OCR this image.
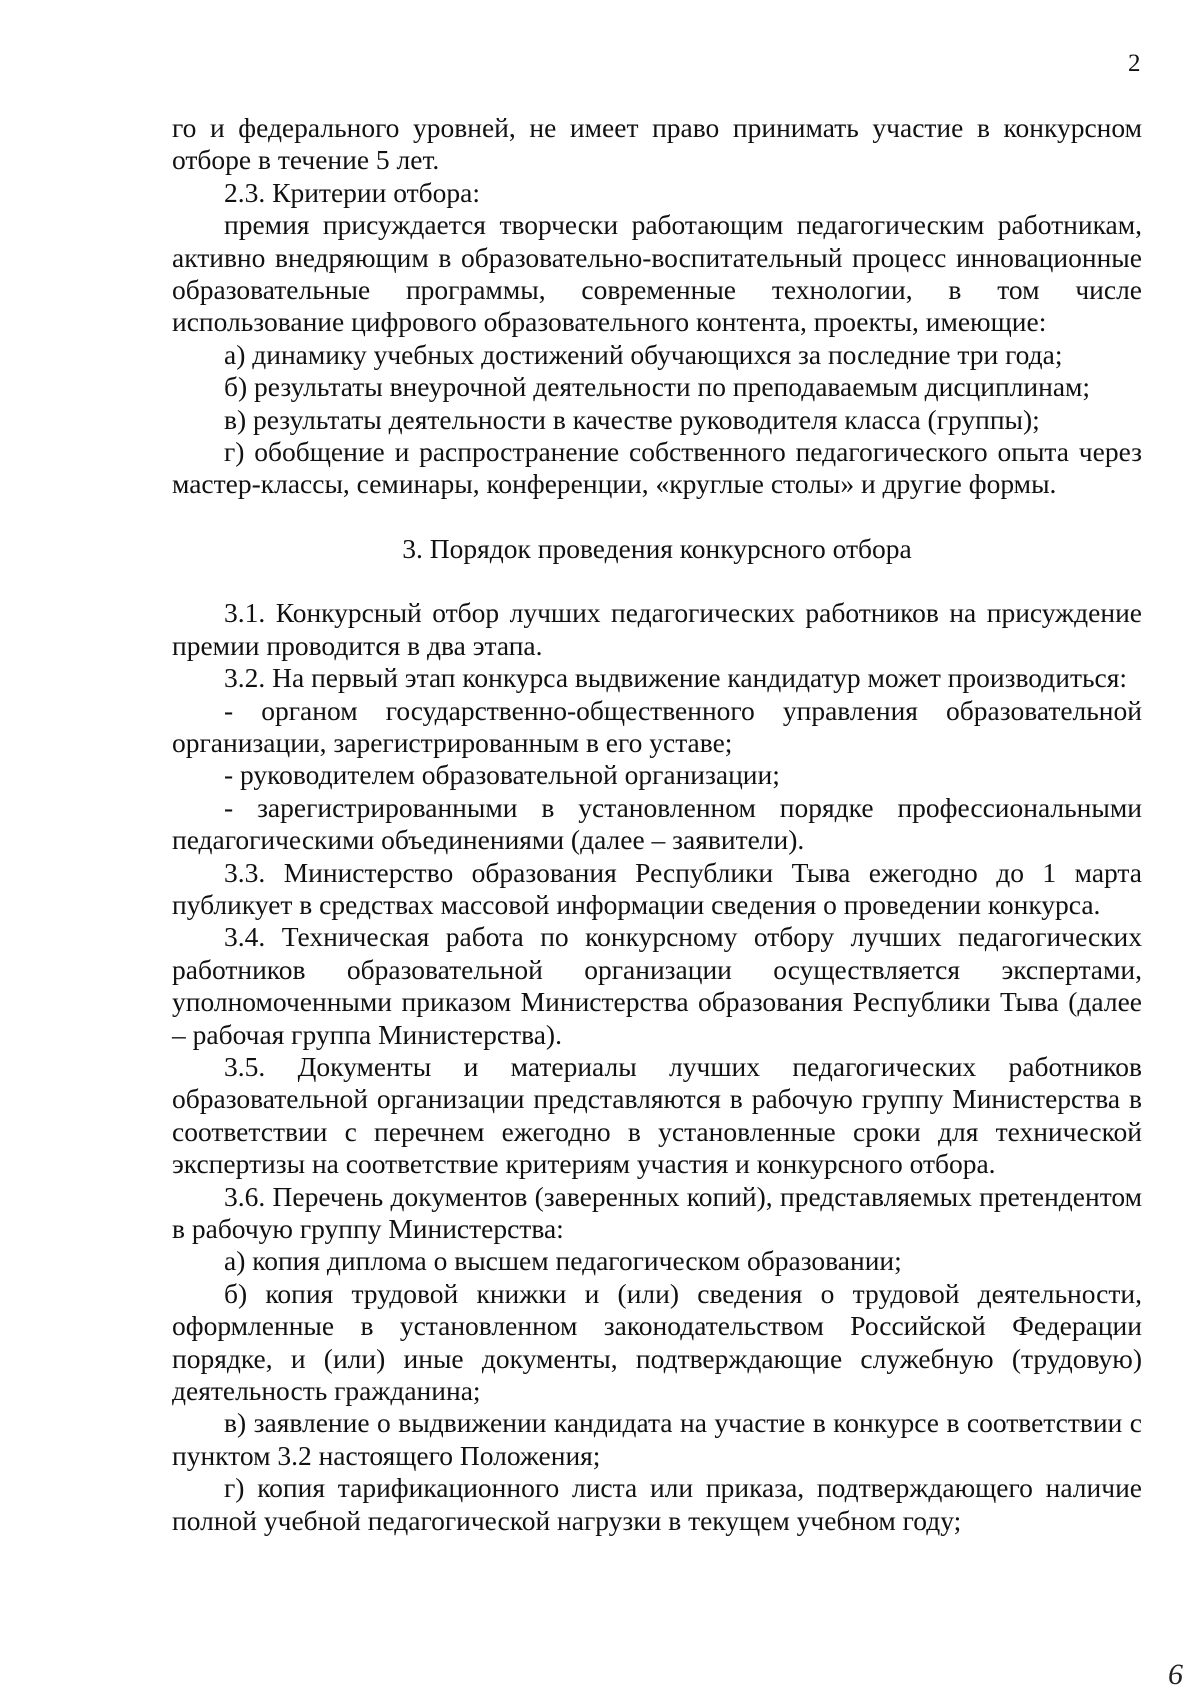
2

го и федерального уровней, не имеет право принимать участие в конкурсном отборе в течение 5 лет.

2.3. Критерии отбора:

премия присуждается творчески работающим педагогическим работникам, активно внедряющим в образовательно-воспитательный процесс инновационные образовательные программы, современные технологии, в том числе использование цифрового образовательного контента, проекты, имеющие:

а) динамику учебных достижений обучающихся за последние три года;

б) результаты внеурочной деятельности по преподаваемым дисциплинам;

в) результаты деятельности в качестве руководителя класса (группы);

г) обобщение и распространение собственного педагогического опыта через мастер-классы, семинары, конференции, «круглые столы» и другие формы.

3. Порядок проведения конкурсного отбора

3.1. Конкурсный отбор лучших педагогических работников на присуждение премии проводится в два этапа.

3.2. На первый этап конкурса выдвижение кандидатур может производиться:

- органом государственно-общественного управления образовательной организации, зарегистрированным в его уставе;

- руководителем образовательной организации;

- зарегистрированными в установленном порядке профессиональными педагогическими объединениями (далее – заявители).

3.3. Министерство образования Республики Тыва ежегодно до 1 марта публикует в средствах массовой информации сведения о проведении конкурса.

3.4. Техническая работа по конкурсному отбору лучших педагогических работников образовательной организации осуществляется экспертами, уполномоченными приказом Министерства образования Республики Тыва (далее – рабочая группа Министерства).

3.5. Документы и материалы лучших педагогических работников образовательной организации представляются в рабочую группу Министерства в соответствии с перечнем ежегодно в установленные сроки для технической экспертизы на соответствие критериям участия и конкурсного отбора.

3.6. Перечень документов (заверенных копий), представляемых претендентом в рабочую группу Министерства:

а) копия диплома о высшем педагогическом образовании;

б) копия трудовой книжки и (или) сведения о трудовой деятельности, оформленные в установленном законодательством Российской Федерации порядке, и (или) иные документы, подтверждающие служебную (трудовую) деятельность гражданина;

в) заявление о выдвижении кандидата на участие в конкурсе в соответствии с пунктом 3.2 настоящего Положения;

г) копия тарификационного листа или приказа, подтверждающего наличие полной учебной педагогической нагрузки в текущем учебном году;

6
